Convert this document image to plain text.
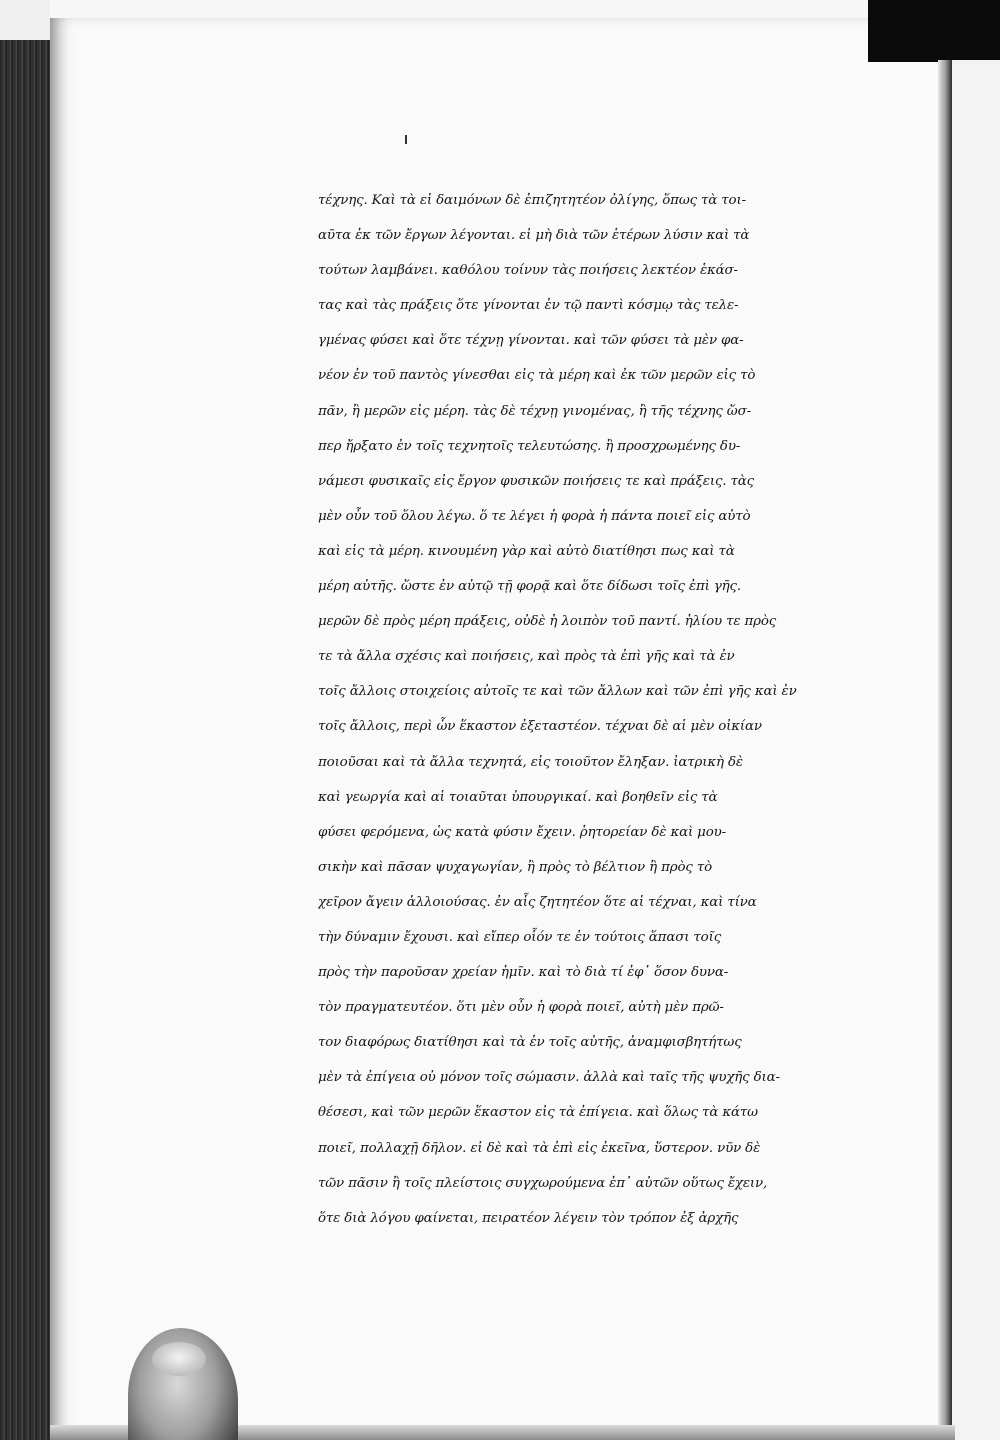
τέχνης. Καὶ τὰ εἰ δαιμόνων δὲ ἐπιζητητέον ὀλίγης, ὅπως τὰ τοι-
αῦτα ἐκ τῶν ἔργων λέγονται. εἰ μὴ διὰ τῶν ἑτέρων λύσιν καὶ τὰ
τούτων λαμβάνει. καθόλου τοίνυν τὰς ποιήσεις λεκτέον ἑκάσ-
τας καὶ τὰς πράξεις ὅτε γίνονται ἐν τῷ παντὶ κόσμῳ τὰς τελε-
γμένας φύσει καὶ ὅτε τέχνῃ γίνονται. καὶ τῶν φύσει τὰ μὲν φα-
νέον ἐν τοῦ παντὸς γίνεσθαι εἰς τὰ μέρη καὶ ἐκ τῶν μερῶν εἰς τὸ
πᾶν, ἢ μερῶν εἰς μέρη. τὰς δὲ τέχνῃ γινομένας, ἢ τῆς τέχνης ὥσ-
περ ἤρξατο ἐν τοῖς τεχνητοῖς τελευτώσης. ἢ προσχρωμένης δυ-
νάμεσι φυσικαῖς εἰς ἔργον φυσικῶν ποιήσεις τε καὶ πράξεις. τὰς
μὲν οὖν τοῦ ὅλου λέγω. ὅ τε λέγει ἡ φορὰ ἡ πάντα ποιεῖ εἰς αὐτὸ
καὶ εἰς τὰ μέρη. κινουμένη γὰρ καὶ αὐτὸ διατίθησι πως καὶ τὰ
μέρη αὐτῆς. ὥστε ἐν αὐτῷ τῇ φορᾷ καὶ ὅτε δίδωσι τοῖς ἐπὶ γῆς.
μερῶν δὲ πρὸς μέρη πράξεις, οὐδὲ ἡ λοιπὸν τοῦ παντί. ἡλίου τε πρὸς
τε τὰ ἄλλα σχέσις καὶ ποιήσεις, καὶ πρὸς τὰ ἐπὶ γῆς καὶ τὰ ἐν
τοῖς ἄλλοις στοιχείοις αὐτοῖς τε καὶ τῶν ἄλλων καὶ τῶν ἐπὶ γῆς καὶ ἐν
τοῖς ἄλλοις, περὶ ὧν ἕκαστον ἐξεταστέον. τέχναι δὲ αἱ μὲν οἰκίαν
ποιοῦσαι καὶ τὰ ἄλλα τεχνητά, εἰς τοιοῦτον ἔληξαν. ἰατρικὴ δὲ
καὶ γεωργία καὶ αἱ τοιαῦται ὑπουργικαί. καὶ βοηθεῖν εἰς τὰ
φύσει φερόμενα, ὡς κατὰ φύσιν ἔχειν. ῥητορείαν δὲ καὶ μου-
σικὴν καὶ πᾶσαν ψυχαγωγίαν, ἢ πρὸς τὸ βέλτιον ἢ πρὸς τὸ
χεῖρον ἄγειν ἀλλοιούσας. ἐν αἷς ζητητέον ὅτε αἱ τέχναι, καὶ τίνα
τὴν δύναμιν ἔχουσι. καὶ εἴπερ οἷόν τε ἐν τούτοις ἅπασι τοῖς
πρὸς τὴν παροῦσαν χρείαν ἡμῖν. καὶ τὸ διὰ τί ἐφ᾽ ὅσον δυνα-
τὸν πραγματευτέον. ὅτι μὲν οὖν ἡ φορὰ ποιεῖ, αὐτὴ μὲν πρῶ-
τον διαφόρως διατίθησι καὶ τὰ ἐν τοῖς αὐτῆς, ἀναμφισβητήτως
μὲν τὰ ἐπίγεια οὐ μόνον τοῖς σώμασιν. ἀλλὰ καὶ ταῖς τῆς ψυχῆς δια-
θέσεσι, καὶ τῶν μερῶν ἕκαστον εἰς τὰ ἐπίγεια. καὶ ὅλως τὰ κάτω
ποιεῖ, πολλαχῇ δῆλον. εἰ δὲ καὶ τὰ ἐπὶ εἰς ἐκεῖνα, ὕστερον. νῦν δὲ
τῶν πᾶσιν ἢ τοῖς πλείστοις συγχωρούμενα ἐπ᾽ αὐτῶν οὕτως ἔχειν,
ὅτε διὰ λόγου φαίνεται, πειρατέον λέγειν τὸν τρόπον ἐξ ἀρχῆς
